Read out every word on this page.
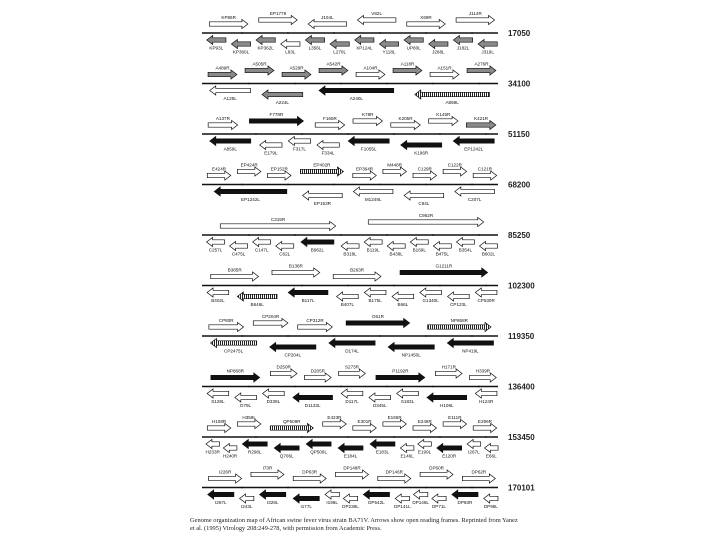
17050
KP86R
EP1779
J104L
V82L
X69R
J114R
KP93L
KP360L
KP362L
L83L
L356L
L270L
XP124L
Y118L
UP80L
J268L
J182L
J319L
34100
A489R
A505R
A528R
A542R
A104R
A118R
A151R
A276R
A125L
A224L
A240L
A859L
51150
A137R
F778R
F165R
K78R
K205R
K145R
K421R
A859L
E179L
F317L
F334L
F1055L
K196R
EP1242L
68200
E424R
EP424R
EP152R
EP402R
EP364R
M448R
C129R
C122R
C121R
EP1242L
EP153R
M1249L
C84L
C207L
85250
C315R
C962R
C257L
C475L
C147L
C62L
B962L
B318L
B119L
B438L
B169L
B475L
B354L
B602L
102300
B385R
B136R
B263R
G1211R
B402L
B646L
B117L
B407L
B175L
B66L
G1340L
CP123L
CP530R
119350
CP80R
CP204R
CP312R
O61R
NP868R
CP2475L
CP204L
D174L
NP1450L
NP419L
136400
NP868R
D250R
D205R
S273R
P1192R
H171R
H339R
S129L
D79L
D339L
D1133L
D117L
D345L
S183L
H108L
H124R
153450
H108R
H359L
QP509R
E423R
E301R
E165R
E248R
E111R
E296R
H233R
H240R
R298L
Q706L
QP509L
E184L
E183L
E146L
E199L
E120R
I267L
E66L
170101
I226R
I73R
DP63R
DP148R
DP146R
DP60R
DP62R
I267L
I243L
I329L
I177L
I196L
DP238L
DP542L
DP141L
DP146L
DP71L
DP93R
DP96L
Genome organization map of African swine fever virus strain BA71V. Arrows show open reading frames. Reprinted from Yanez et al. (1995) Virology 208:249-278, with permission from Academic Press.
